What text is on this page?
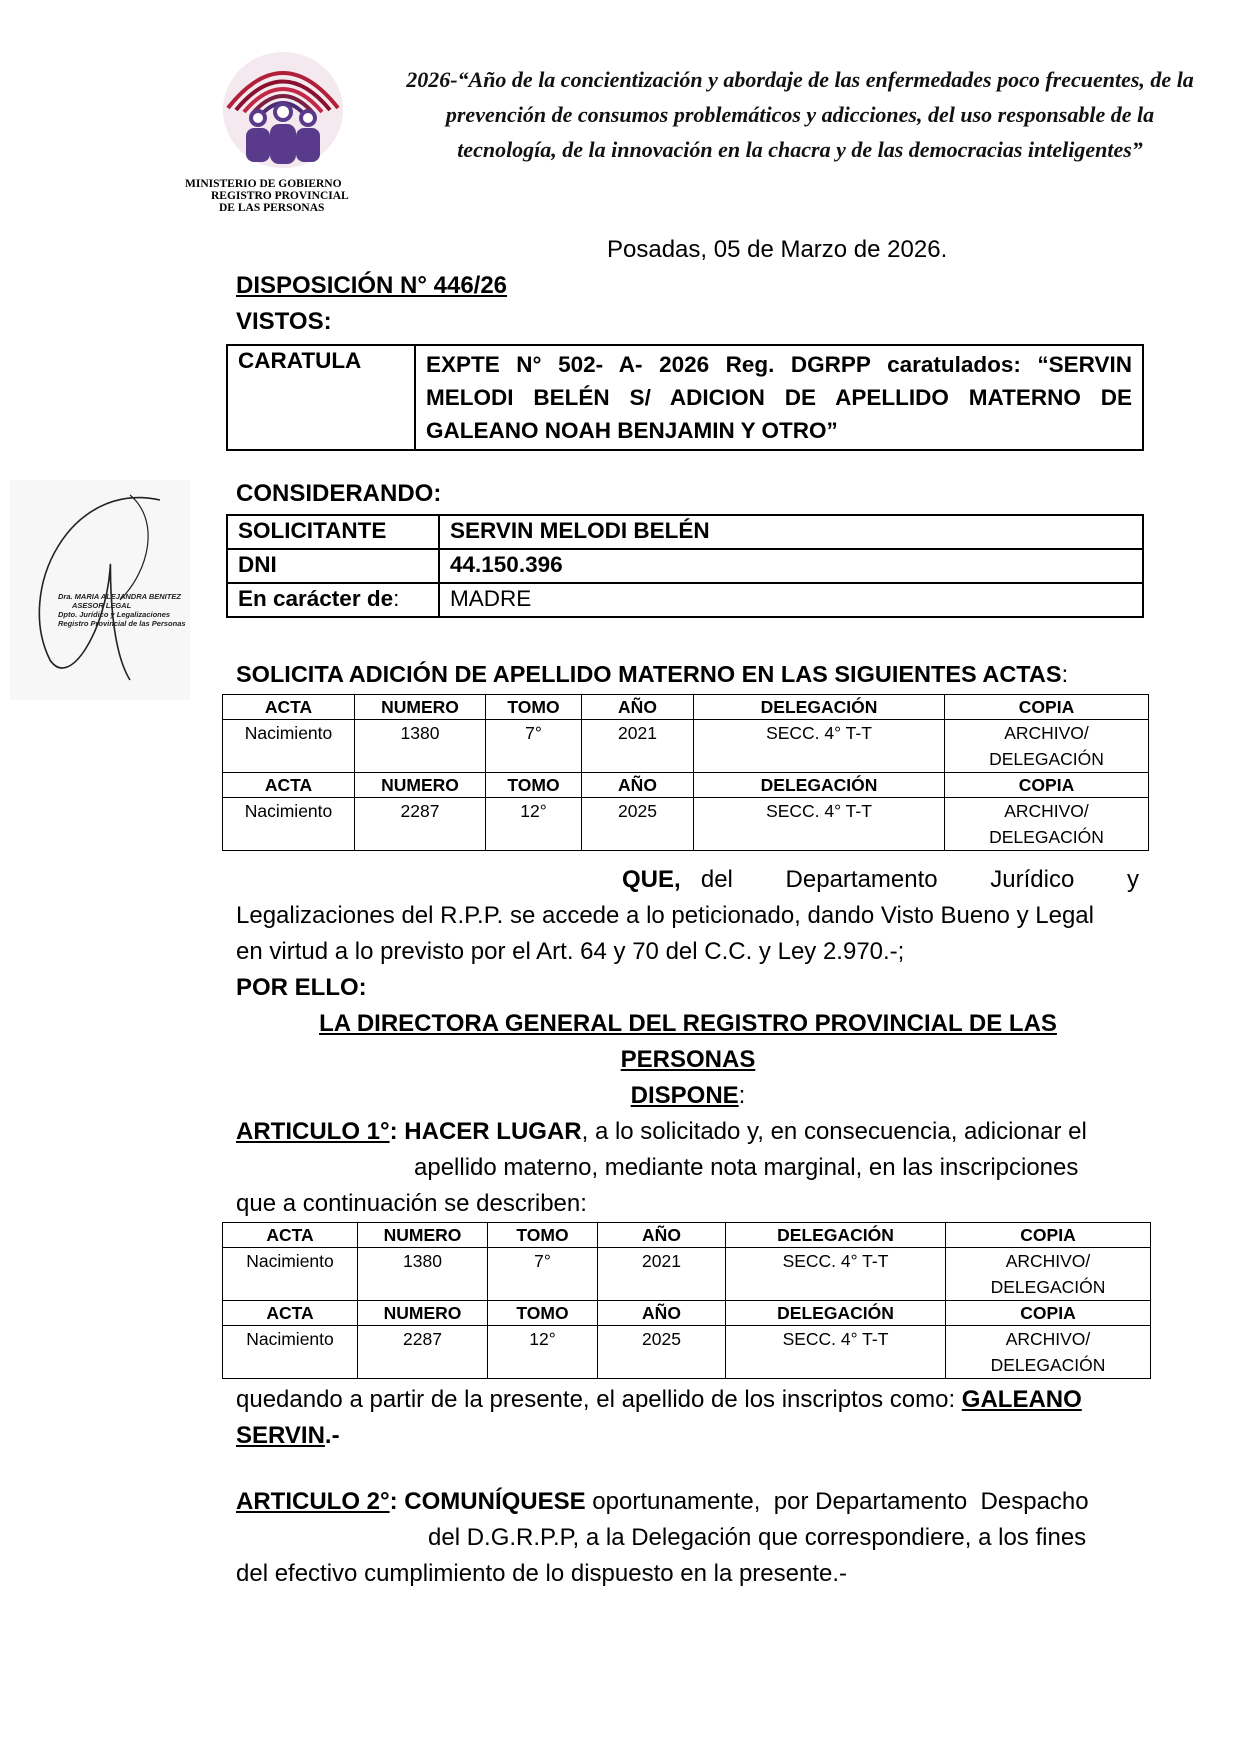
MINISTERIO DE GOBIERNO
REGISTRO PROVINCIAL
DE LAS PERSONAS
2026-“Año de la concientización y abordaje de las enfermedades poco frecuentes, de la prevención de consumos problemáticos y adicciones, del uso responsable de la tecnología, de la innovación en la chacra y de las democracias inteligentes”
Dra. MARIA ALEJANDRA BENITEZ
ASESOR LEGAL
Dpto. Jurídico y Legalizaciones
Registro Provincial de las Personas
Posadas, 05 de Marzo de 2026.
DISPOSICIÓN N° 446/26
VISTOS:
CARATULA	EXPTE N° 502- A- 2026 Reg. DGRPP caratulados: “SERVIN MELODI BELÉN S/ ADICION DE APELLIDO MATERNO DE GALEANO NOAH BENJAMIN Y OTRO”
CONSIDERANDO:
SOLICITANTE	SERVIN MELODI BELÉN
DNI	44.150.396
En carácter de:	MADRE
SOLICITA ADICIÓN DE APELLIDO MATERNO EN LAS SIGUIENTES ACTAS:
ACTA	NUMERO	TOMO	AÑO	DELEGACIÓN	COPIA
Nacimiento	1380	7°	2021	SECC. 4° T-T	ARCHIVO/
DELEGACIÓN

ACTA	NUMERO	TOMO	AÑO	DELEGACIÓN	COPIA
Nacimiento	2287	12°	2025	SECC. 4° T-T	ARCHIVO/
DELEGACIÓN
QUE, del Departamento Jurídico y
Legalizaciones del R.P.P. se accede a lo peticionado, dando Visto Bueno y Legal
en virtud a lo previsto por el Art. 64 y 70 del C.C. y Ley 2.970.-;
POR ELLO:
LA DIRECTORA GENERAL DEL REGISTRO PROVINCIAL DE LAS
PERSONAS
DISPONE:
ARTICULO 1°: HACER LUGAR, a lo solicitado y, en consecuencia, adicionar el
apellido materno, mediante nota marginal, en las inscripciones
que a continuación se describen:
ACTA	NUMERO	TOMO	AÑO	DELEGACIÓN	COPIA
Nacimiento	1380	7°	2021	SECC. 4° T-T	ARCHIVO/
DELEGACIÓN

ACTA	NUMERO	TOMO	AÑO	DELEGACIÓN	COPIA
Nacimiento	2287	12°	2025	SECC. 4° T-T	ARCHIVO/
DELEGACIÓN
quedando a partir de la presente, el apellido de los inscriptos como: GALEANO
SERVIN.-
ARTICULO 2°: COMUNÍQUESE oportunamente,  por Departamento  Despacho
del D.G.R.P.P, a la Delegación que correspondiere, a los fines
del efectivo cumplimiento de lo dispuesto en la presente.-
